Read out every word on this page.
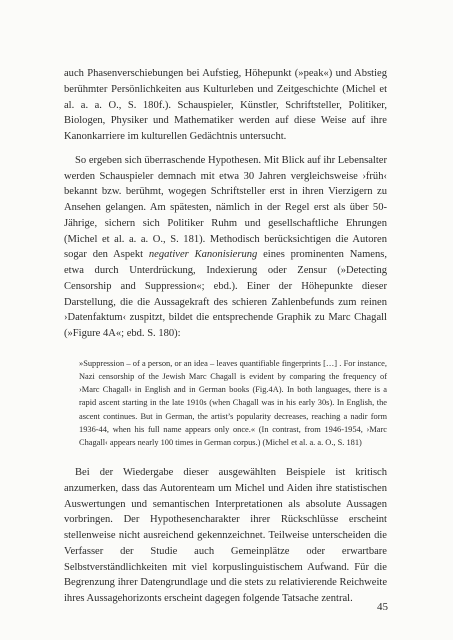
auch Phasenverschiebungen bei Aufstieg, Höhepunkt (»peak«) und Abstieg berühmter Persönlichkeiten aus Kulturleben und Zeitgeschichte (Michel et al. a. a. O., S. 180f.). Schauspieler, Künstler, Schriftsteller, Politiker, Biologen, Physiker und Mathematiker werden auf diese Weise auf ihre Kanonkarriere im kulturellen Gedächtnis untersucht.

So ergeben sich überraschende Hypothesen. Mit Blick auf ihr Lebensalter werden Schauspieler demnach mit etwa 30 Jahren vergleichsweise ›früh‹ bekannt bzw. berühmt, wogegen Schriftsteller erst in ihren Vierzigern zu Ansehen gelangen. Am spätesten, nämlich in der Regel erst als über 50-Jährige, sichern sich Politiker Ruhm und gesellschaftliche Ehrungen (Michel et al. a. a. O., S. 181). Methodisch berücksichtigen die Autoren sogar den Aspekt negativer Kanonisierung eines prominenten Namens, etwa durch Unterdrückung, Indexierung oder Zensur (»Detecting Censorship and Suppression«; ebd.). Einer der Höhepunkte dieser Darstellung, die die Aussagekraft des schieren Zahlenbefunds zum reinen ›Datenfaktum‹ zuspitzt, bildet die entsprechende Graphik zu Marc Chagall (»Figure 4A«; ebd. S. 180):

»Suppression – of a person, or an idea – leaves quantifiable fingerprints […] . For instance, Nazi censorship of the Jewish Marc Chagall is evident by comparing the frequency of ›Marc Chagall‹ in English and in German books (Fig.4A). In both languages, there is a rapid ascent starting in the late 1910s (when Chagall was in his early 30s). In English, the ascent continues. But in German, the artist’s popularity decreases, reaching a nadir form 1936-44, when his full name appears only once.« (In contrast, from 1946-1954, ›Marc Chagall‹ appears nearly 100 times in German corpus.) (Michel et al. a. a. O., S. 181)

Bei der Wiedergabe dieser ausgewählten Beispiele ist kritisch anzumerken, dass das Autorenteam um Michel und Aiden ihre statistischen Auswertungen und semantischen Interpretationen als absolute Aussagen vorbringen. Der Hypothesencharakter ihrer Rückschlüsse erscheint stellenweise nicht ausreichend gekennzeichnet. Teilweise unterscheiden die Verfasser der Studie auch Gemeinplätze oder erwartbare Selbstverständlichkeiten mit viel korpuslinguistischem Aufwand. Für die Begrenzung ihrer Datengrundlage und die stets zu relativierende Reichweite ihres Aussagehorizonts erscheint dagegen folgende Tatsache zentral.

45
